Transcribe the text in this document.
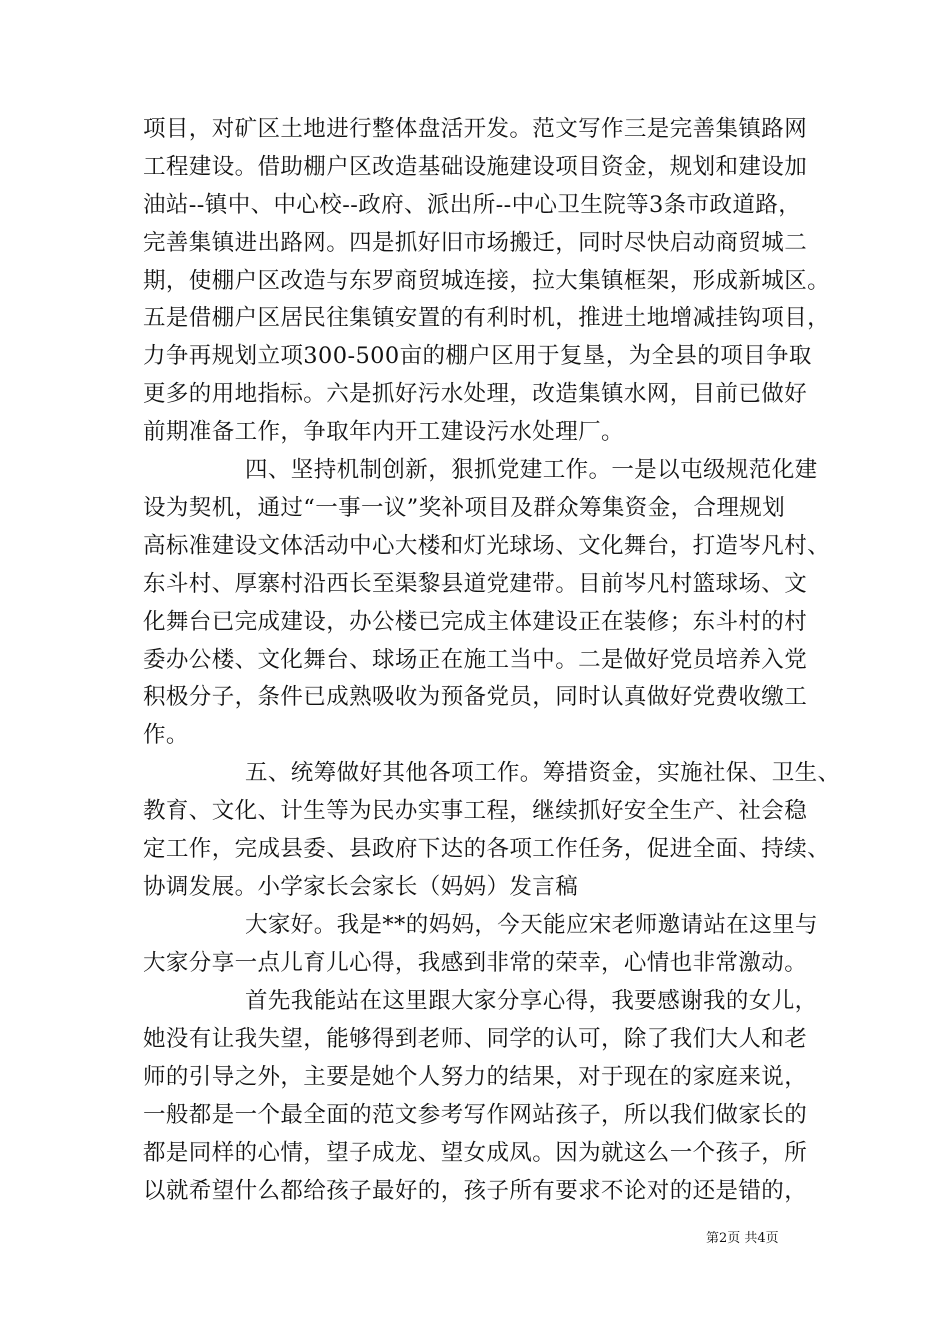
项目，对矿区土地进行整体盘活开发。范文写作三是完善集镇路网
工程建设。借助棚户区改造基础设施建设项目资金，规划和建设加
油站--镇中、中心校--政府、派出所--中心卫生院等3条市政道路，
完善集镇进出路网。四是抓好旧市场搬迁，同时尽快启动商贸城二
期，使棚户区改造与东罗商贸城连接，拉大集镇框架，形成新城区。
五是借棚户区居民往集镇安置的有利时机，推进土地增减挂钩项目，
力争再规划立项300-500亩的棚户区用于复垦，为全县的项目争取
更多的用地指标。六是抓好污水处理，改造集镇水网，目前已做好
前期准备工作，争取年内开工建设污水处理厂。
四、坚持机制创新，狠抓党建工作。一是以屯级规范化建
设为契机，通过“一事一议”奖补项目及群众筹集资金，合理规划
高标准建设文体活动中心大楼和灯光球场、文化舞台，打造岑凡村、
东斗村、厚寨村沿西长至渠黎县道党建带。目前岑凡村篮球场、文
化舞台已完成建设，办公楼已完成主体建设正在装修；东斗村的村
委办公楼、文化舞台、球场正在施工当中。二是做好党员培养入党
积极分子，条件已成熟吸收为预备党员，同时认真做好党费收缴工
作。
五、统筹做好其他各项工作。筹措资金，实施社保、卫生、
教育、文化、计生等为民办实事工程，继续抓好安全生产、社会稳
定工作，完成县委、县政府下达的各项工作任务，促进全面、持续、
协调发展。小学家长会家长（妈妈）发言稿
大家好。我是**的妈妈，今天能应宋老师邀请站在这里与
大家分享一点儿育儿心得，我感到非常的荣幸，心情也非常激动。
首先我能站在这里跟大家分享心得，我要感谢我的女儿，
她没有让我失望，能够得到老师、同学的认可，除了我们大人和老
师的引导之外，主要是她个人努力的结果，对于现在的家庭来说，
一般都是一个最全面的范文参考写作网站孩子，所以我们做家长的
都是同样的心情，望子成龙、望女成凤。因为就这么一个孩子，所
以就希望什么都给孩子最好的，孩子所有要求不论对的还是错的，
第2页 共4页
